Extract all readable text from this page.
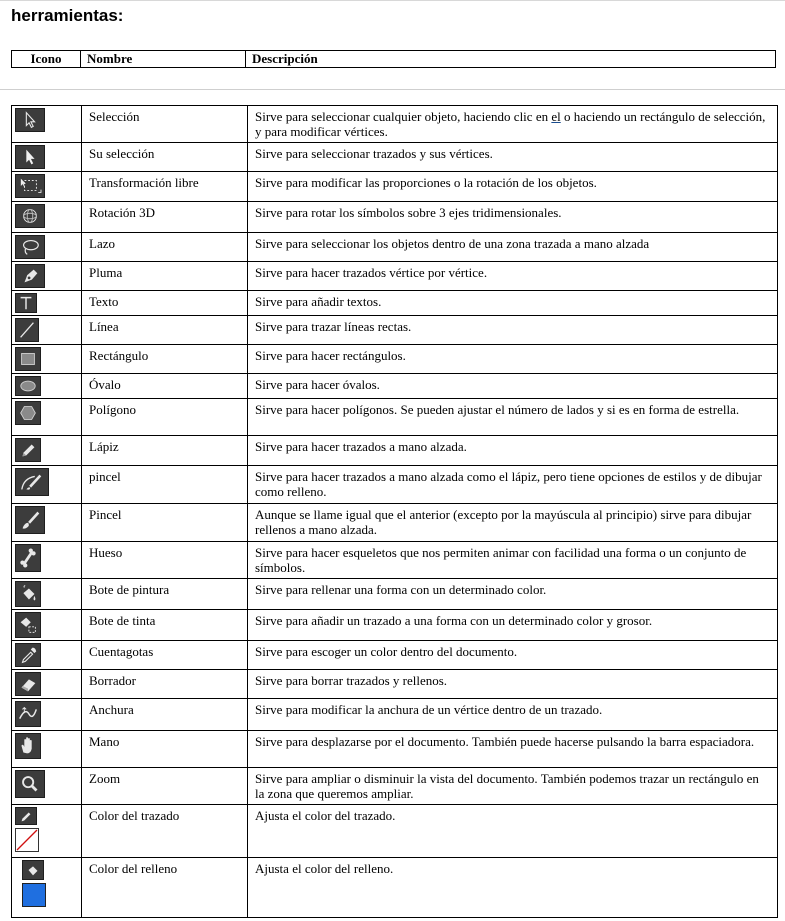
herramientas:
Icono	Nombre	Descripción
	Selección	Sirve para seleccionar cualquier objeto, haciendo clic en el o haciendo un rectángulo de selección, y para modificar vértices.

	Su selección	Sirve para seleccionar trazados y sus vértices.

	Transformación libre	Sirve para modificar las proporciones o la rotación de los objetos.

	Rotación 3D	Sirve para rotar los símbolos sobre 3 ejes tridimensionales.

	Lazo	Sirve para seleccionar los objetos dentro de una zona trazada a mano alzada

	Pluma	Sirve para hacer trazados vértice por vértice.

	Texto	Sirve para añadir textos.

	Línea	Sirve para trazar líneas rectas.

	Rectángulo	Sirve para hacer rectángulos.

	Óvalo	Sirve para hacer óvalos.

	Polígono	Sirve para hacer polígonos. Se pueden ajustar el número de lados y si es en forma de estrella.

	Lápiz	Sirve para hacer trazados a mano alzada.

	pincel	Sirve para hacer trazados a mano alzada como el lápiz, pero tiene opciones de estilos y de dibujar como relleno.

	Pincel	Aunque se llame igual que el anterior (excepto por la mayúscula al principio) sirve para dibujar rellenos a mano alzada.

	Hueso	Sirve para hacer esqueletos que nos permiten animar con facilidad una forma o un conjunto de símbolos.

	Bote de pintura	Sirve para rellenar una forma con un determinado color.

	Bote de tinta	Sirve para añadir un trazado a una forma con un determinado color y grosor.

	Cuentagotas	Sirve para escoger un color dentro del documento.

	Borrador	Sirve para borrar trazados y rellenos.

	Anchura	Sirve para modificar la anchura de un vértice dentro de un trazado.

	Mano	Sirve para desplazarse por el documento. También puede hacerse pulsando la barra espaciadora.

	Zoom	Sirve para ampliar o disminuir la vista del documento. También podemos trazar un rectángulo en la zona que queremos ampliar.

	Color del trazado	Ajusta el color del trazado.

	Color del relleno	Ajusta el color del relleno.
